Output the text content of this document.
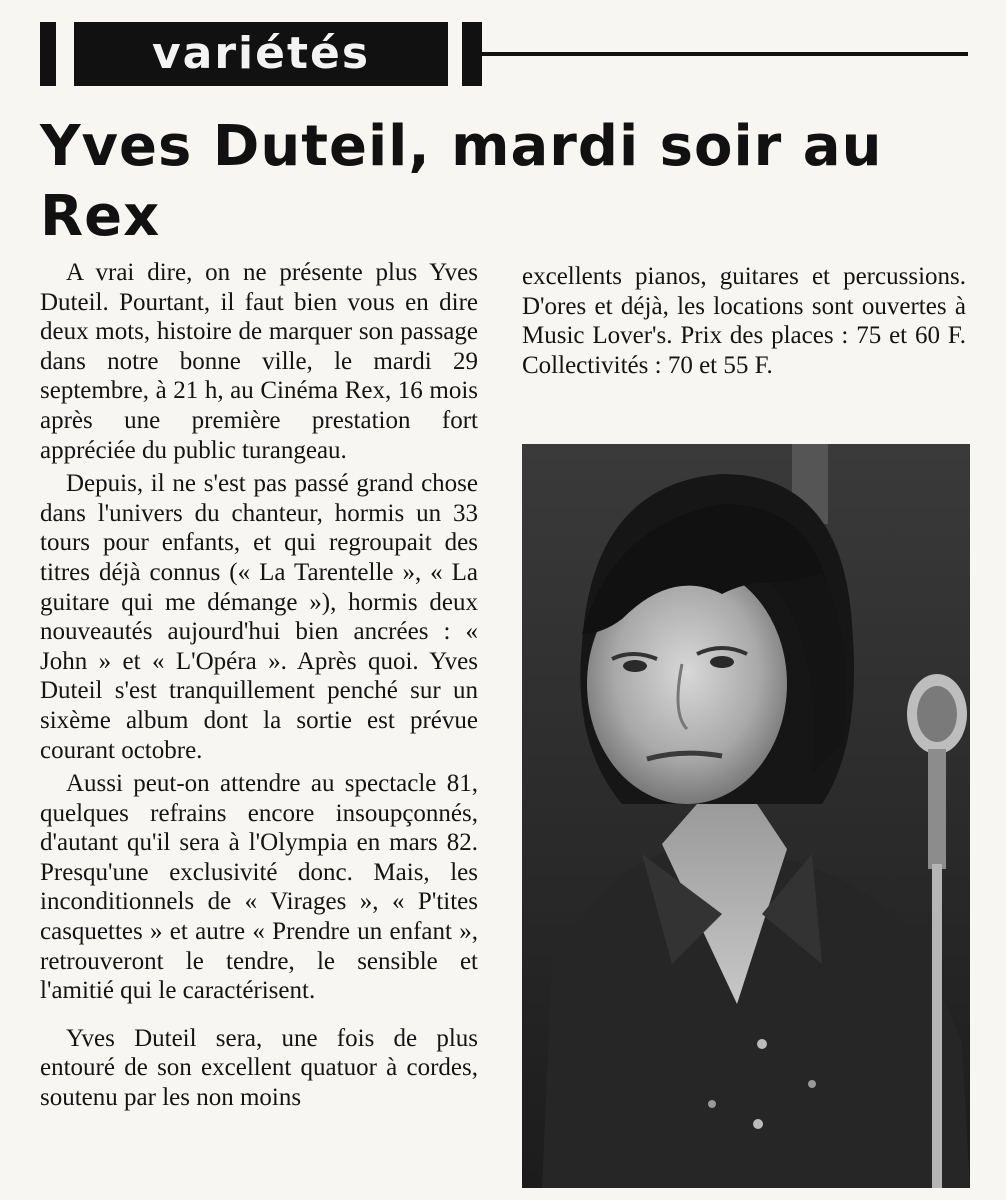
variétés
Yves Duteil, mardi soir au Rex

A vrai dire, on ne présente plus Yves Duteil. Pourtant, il faut bien vous en dire deux mots, histoire de marquer son passage dans notre bonne ville, le mardi 29 septembre, à 21 h, au Cinéma Rex, 16 mois après une première prestation fort appréciée du public turangeau.

Depuis, il ne s'est pas passé grand chose dans l'univers du chanteur, hormis un 33 tours pour enfants, et qui regroupait des titres déjà connus (« La Tarentelle », « La guitare qui me démange »), hormis deux nouveautés aujourd'hui bien ancrées : « John » et « L'Opéra ». Après quoi. Yves Duteil s'est tranquillement penché sur un sixème album dont la sortie est prévue courant octobre.

Aussi peut-on attendre au spectacle 81, quelques refrains encore insoupçonnés, d'autant qu'il sera à l'Olympia en mars 82. Presqu'une exclusivité donc. Mais, les inconditionnels de « Virages », « P'tites casquettes » et autre « Prendre un enfant », retrouveront le tendre, le sensible et l'amitié qui le caractérisent.

Yves Duteil sera, une fois de plus entouré de son excellent quatuor à cordes, soutenu par les non moins

excellents pianos, guitares et percussions. D'ores et déjà, les locations sont ouvertes à Music Lover's. Prix des places : 75 et 60 F. Collectivités : 70 et 55 F.
